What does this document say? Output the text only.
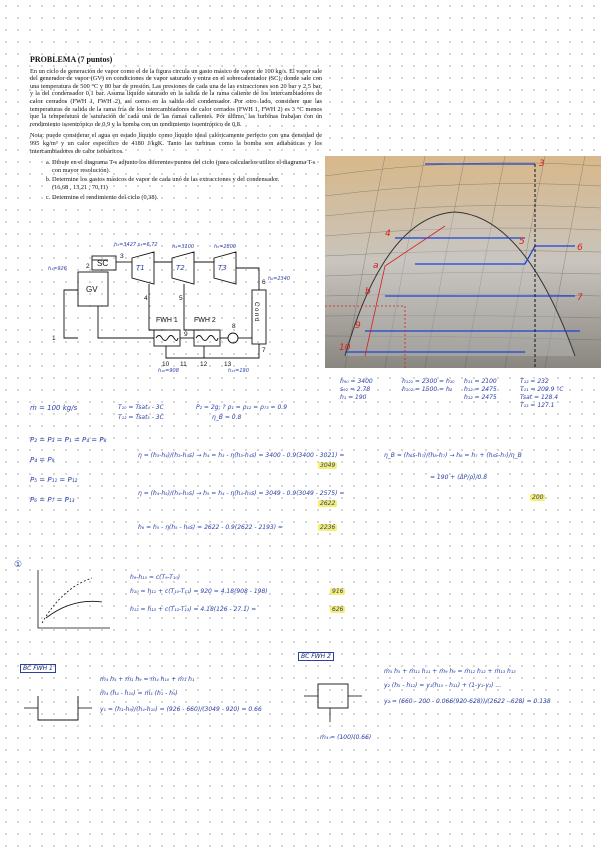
PROBLEMA (7 puntos)

En un ciclo de generación de vapor como el de la figura circula un gasto másico de vapor de 100 kg/s. El vapor sale del generador de vapor (GV) en condiciones de vapor saturado y entra en el sobrecalentador (SC), donde sale con una temperatura de 500 °C y 80 bar de presión. Las presiones de cada una de las extracciones son 20 bar y 2,5 bar, y la del condensador 0,1 bar. Asuma líquido saturado en la salida de la rama caliente de los intercambiadores de calor cerrados (FWH 1, FWH 2), así como en la salida del condensador. Por otro lado, considere que las temperaturas de salida de la rama fría de los intercambiadores de calor cerrados (FWH 1, FWH 2) es 3 °C menos que la temperatura de saturación de cada una de las ramas calientes. Por último, las turbinas trabajan con un rendimiento isoentrópico de 0,9 y la bomba con un rendimiento isoentrópico de 0,8.

Nota: puede considerar el agua en estado líquido como líquido ideal calóricamente perfecto con una densidad de 995 kg/m³ y un calor específico de 4180 J/kgK. Tanto las turbinas como la bomba son adiabáticas y los intercambiadores de calor isobáricos.

a. Dibuje en el diagrama T-s adjunto los diferentes puntos del ciclo (para calcularlos utilice el diagrama T-s con mayor resolución).
b. Determine los gastos másicos de vapor de cada unó de las extracciones y del condensador.
(16,68 , 13,21 , 70,11)
c. Determine el rendimiento del ciclo (0,38).
SC
GV
FWH 1 FWH 2
T1	T2	T3
h₃=3427 s₃=6.72
h₁=926
h₄=3100	h₅=2800
h₆=2340
h₁₀=908	h₁₃=190
1
2
3
4	5
6
7
8
9
10 11 12	13
C o n d
3
4
5
6
a
7
b
9
10
h₉₀ = 3400
s₉₂ = 2.78
h₁ = 190
h₁₂₁ = 2300 = h₁₀
h₁₀₂ = 1500 = h₂
h₁₁ = 2100
h₁₂ = 2475
h₁₂ = 2475
T₁₂ = 232
T₁₁ = 209.9 °C
Tsat = 128.4
T₁₃ = 127.1
ṁ = 100 kg/s
P₂ = P₃ = P₁ = P₄ = P₈
P₄ = P₉
P₅ = P₁₁ = P₁₂
P₆ = P₇ = P₁₃
T₁₀ = Tsat₄ - 3C
T₁₂ = Tsat₅ - 3C
P₂ = 2g; ? ρ₁ = ρ₁₂ = ρ₇₃ = 0.9
η_B = 0.8
η = (h₃-h₄)/(h₃-h₄s) → h₄ = h₃ - η(h₃-h₄s) = 3400 - 0.9(3400 - 3021) =
3049
η = (h₄-h₅)/(h₄-h₅s) → h₅ = h₄ - η(h₄-h₅s) = 3049 - 0.9(3049 - 2575) =
2622
h₆ = h₅ - η(h₅ - h₆s) = 2622 - 0.9(2622 - 2193) =	2236
η_B = (h₈s-h₇)/(h₈-h₇) → h₈ = h₇ + (h₈s-h₇)/η_B
= 190 + (ΔP/ρ)/0.8
200
①
h₉-h₁₀ = c(T₉-T₁₀)
h₁₀ = h₁₁ + c(T₁₀-T₁₁) = 920 = 4.18(908 - 198)	916
h₁₂ = h₁₃ + c(T₁₂-T₁₃) = 4.18(126 - 27.1) =	626
BC FWH 1
ṁ₄ h₄ + ṁ₁ h₉ = ṁ₄ h₁₀ + ṁ₁ h₁
ṁ₄ (h₄ - h₁₀) = ṁ₁ (h₁ - h₉)
y₁ = (h₁-h₉)/(h₄-h₁₀) = (926 - 660)/(3049 - 920) = 0.66
BC FWH 2
ṁ₅ h₅ + ṁ₁₁ h₁₁ + ṁ₉ h₉ = ṁ₁₂ h₁₂ + ṁ₁₃ h₁₃
y₂ (h₅ - h₁₂) = y₁(h₁₀ - h₁₁) + (1-y₁-y₂) ...
y₂ = (660 - 200 - 0.066(920-628))/(2622 - 628) = 0.138
ṁ₄ = (100)(0.66)
